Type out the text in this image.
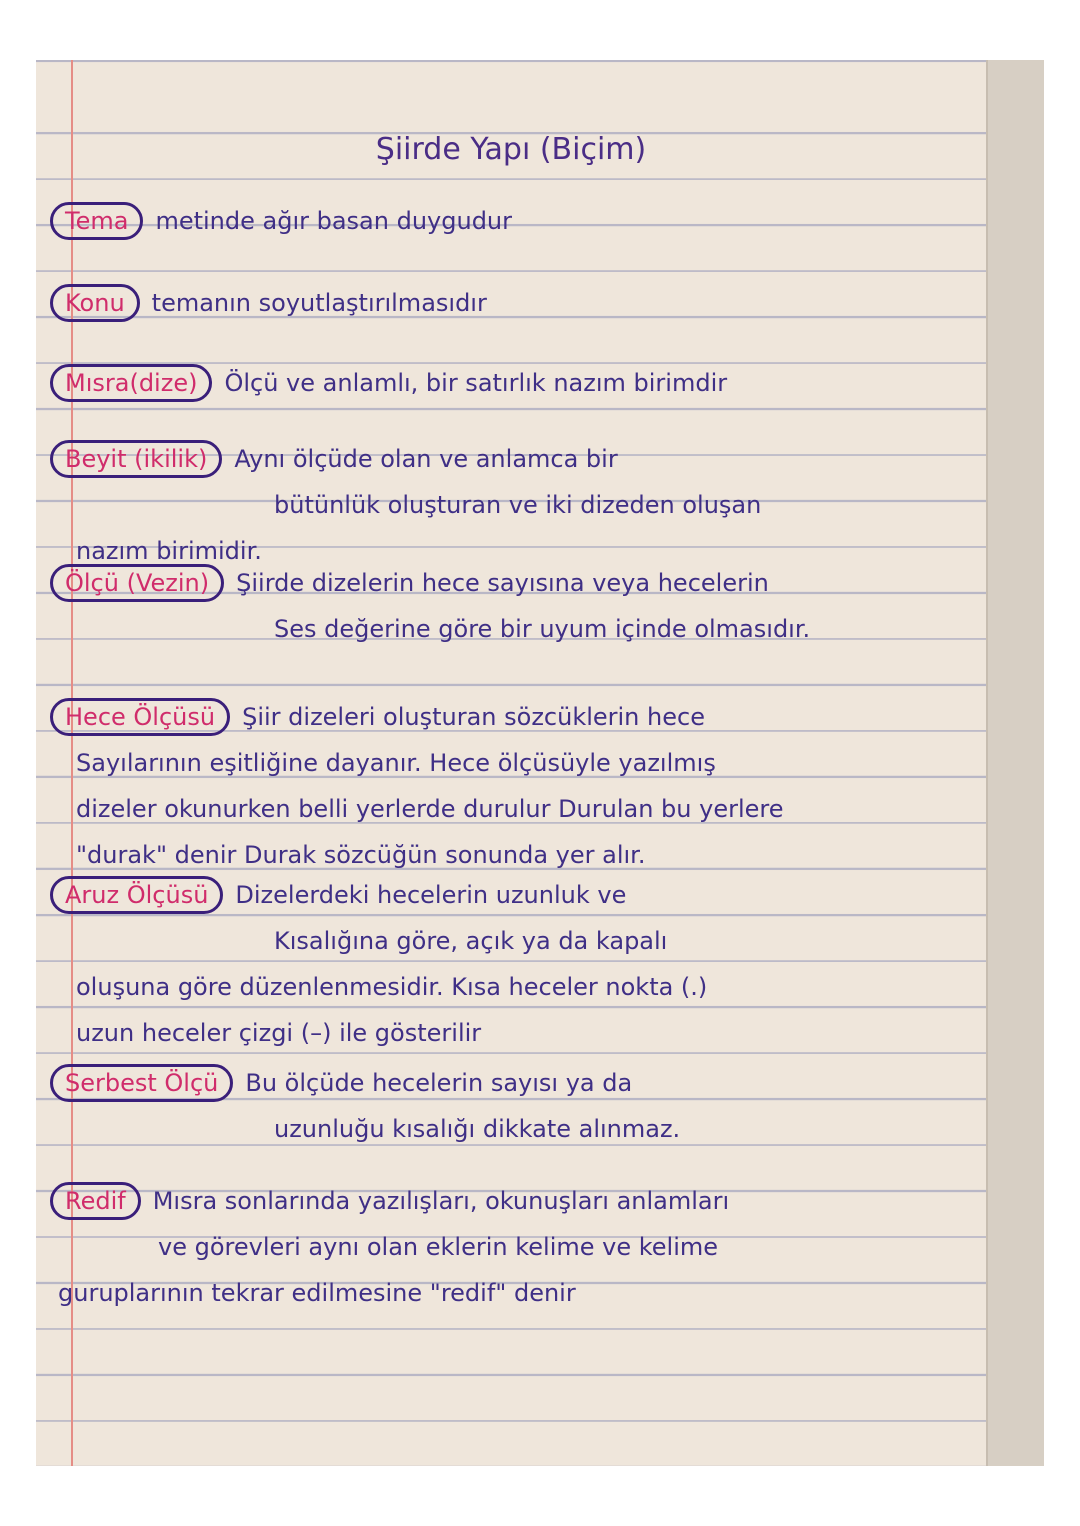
Şiirde Yapı (Biçim)
Tema metinde ağır basan duygudur
Konu temanın soyutlaştırılmasıdır
Mısra(dize) Ölçü ve anlamlı, bir satırlık nazım birimdir
Beyit (ikilik) Aynı ölçüde olan ve anlamca bir
bütünlük oluşturan ve iki dizeden oluşan
nazım birimidir.
Ölçü (Vezin) Şiirde dizelerin hece sayısına veya hecelerin
Ses değerine göre bir uyum içinde olmasıdır.
Hece Ölçüsü Şiir dizeleri oluşturan sözcüklerin hece
Sayılarının eşitliğine dayanır. Hece ölçüsüyle yazılmış
dizeler okunurken belli yerlerde durulur Durulan bu yerlere
"durak" denir Durak sözcüğün sonunda yer alır.
Aruz Ölçüsü Dizelerdeki hecelerin uzunluk ve
Kısalığına göre, açık ya da kapalı
oluşuna göre düzenlenmesidir. Kısa heceler nokta (.)
uzun heceler çizgi (–) ile gösterilir
Serbest Ölçü Bu ölçüde hecelerin sayısı ya da
uzunluğu kısalığı dikkate alınmaz.
Redif Mısra sonlarında yazılışları, okunuşları anlamları
ve görevleri aynı olan eklerin kelime ve kelime
guruplarının tekrar edilmesine "redif" denir
